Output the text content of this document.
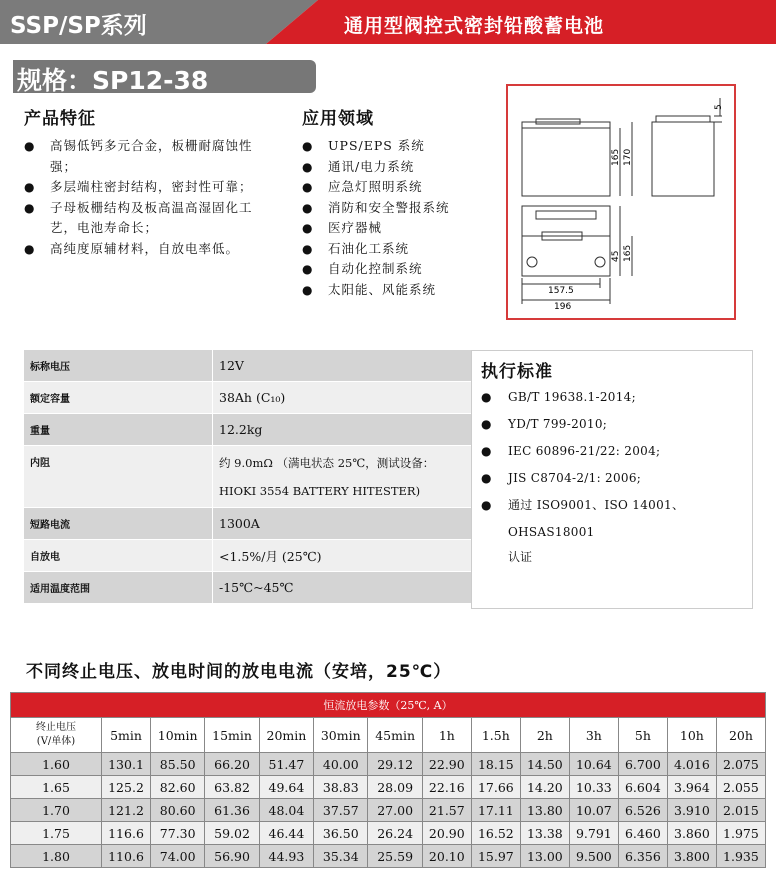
SSP/SP系列	通用型阀控式密封铅酸蓄电池
规格：SP12-38
产品特征
● 高锡低钙多元合金，板栅耐腐蚀性强；
● 多层端柱密封结构，密封性可靠；
● 子母板栅结构及板高温高湿固化工艺，电池寿命长；
● 高纯度原辅材料，自放电率低。
应用领域
● UPS/EPS 系统
● 通讯/电力系统
● 应急灯照明系统
● 消防和安全警报系统
● 医疗器械
● 石油化工系统
● 自动化控制系统
● 太阳能、风能系统
5
165 170
45 165
157.5
196
标称电压	12V
额定容量	38Ah (C₁₀)
重量	12.2kg
内阻	约 9.0mΩ （满电状态 25℃，测试设备：
HIOKI 3554 BATTERY HITESTER)

短路电流	1300A
自放电	<1.5%/月 (25℃)
适用温度范围	-15℃~45℃
执行标准
● GB/T 19638.1-2014;
● YD/T 799-2010;
● IEC 60896-21/22: 2004;
● JIS C8704-2/1: 2006;
● 通过 ISO9001、ISO 14001、OHSAS18001
认证
不同终止电压、放电时间的放电电流（安培，25℃）
恒流放电参数（25℃, A）													

终止电压
(V/单体)	5min	10min	15min	20min	30min	45min	1h	1.5h	2h	3h	5h	10h	20h
1.60	130.1	85.50	66.20	51.47	40.00	29.12	22.90	18.15	14.50	10.64	6.700	4.016	2.075
1.65	125.2	82.60	63.82	49.64	38.83	28.09	22.16	17.66	14.20	10.33	6.604	3.964	2.055
1.70	121.2	80.60	61.36	48.04	37.57	27.00	21.57	17.11	13.80	10.07	6.526	3.910	2.015
1.75	116.6	77.30	59.02	46.44	36.50	26.24	20.90	16.52	13.38	9.791	6.460	3.860	1.975
1.80	110.6	74.00	56.90	44.93	35.34	25.59	20.10	15.97	13.00	9.500	6.356	3.800	1.935
